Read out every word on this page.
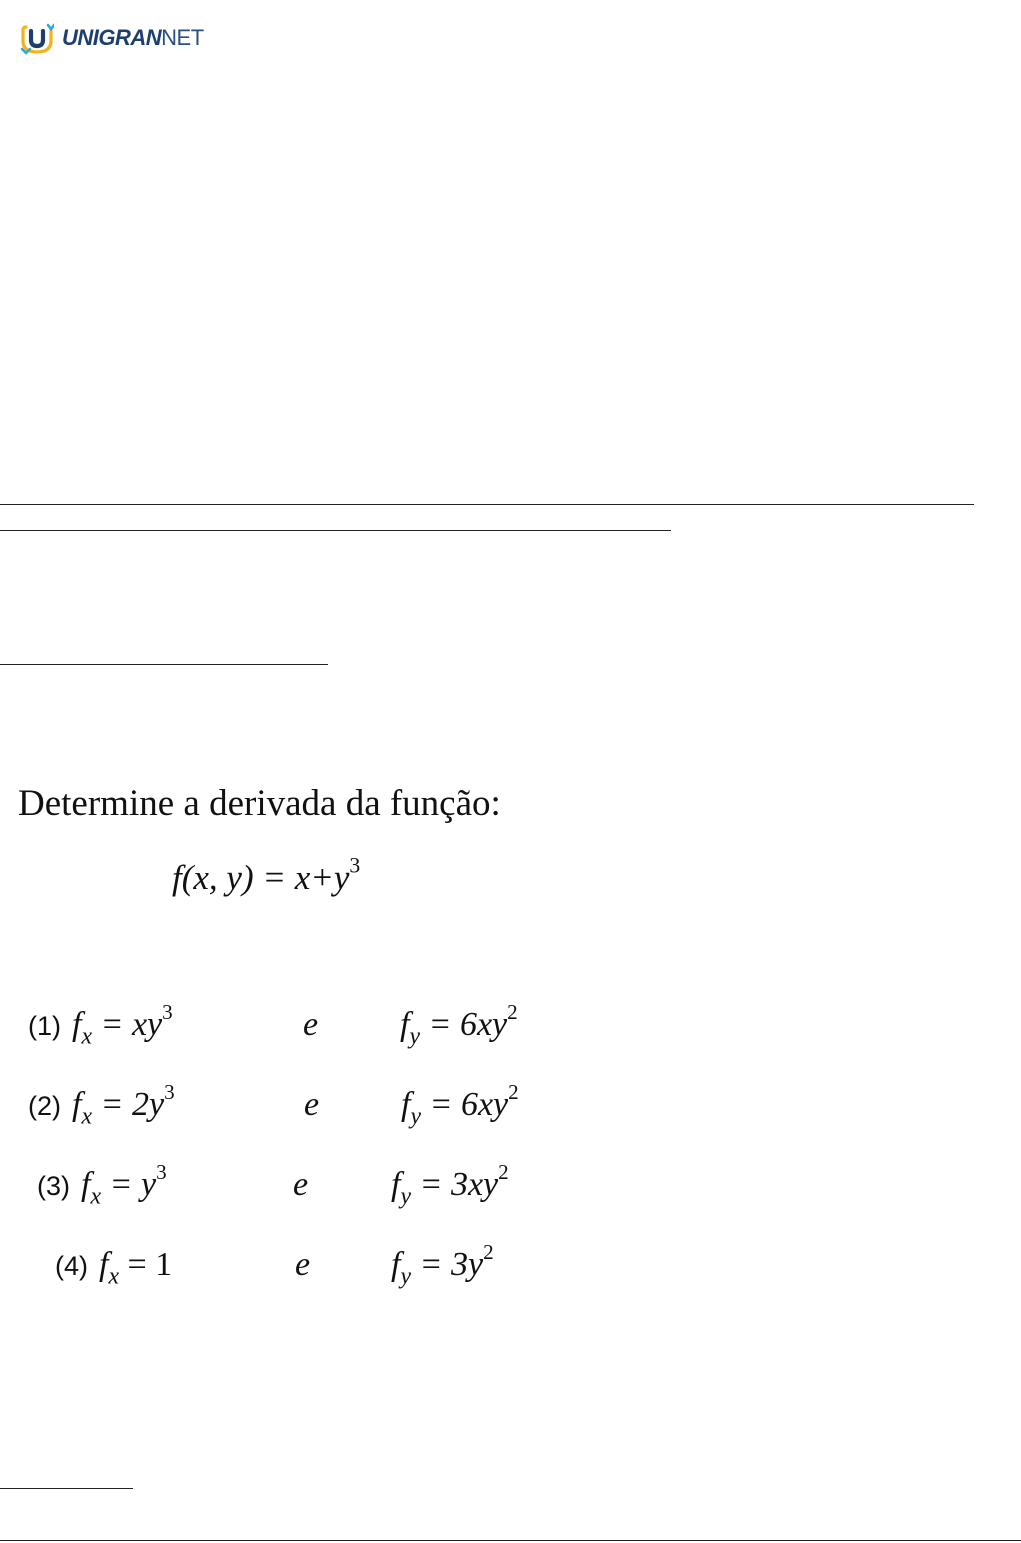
UNIGRANNET
Determine a derivada da função:
f(x, $y) = x+y^3$
(1) $f_x = xy^3$	e $f_y = 6xy^2$
(2) $f_x = 2y^3$	e $f_y = 6xy^2$
(3) $f_x = y^3$	e $f_y = 3xy^2$
(4) $f_x = 1$	e $f_y = 3y^2$
